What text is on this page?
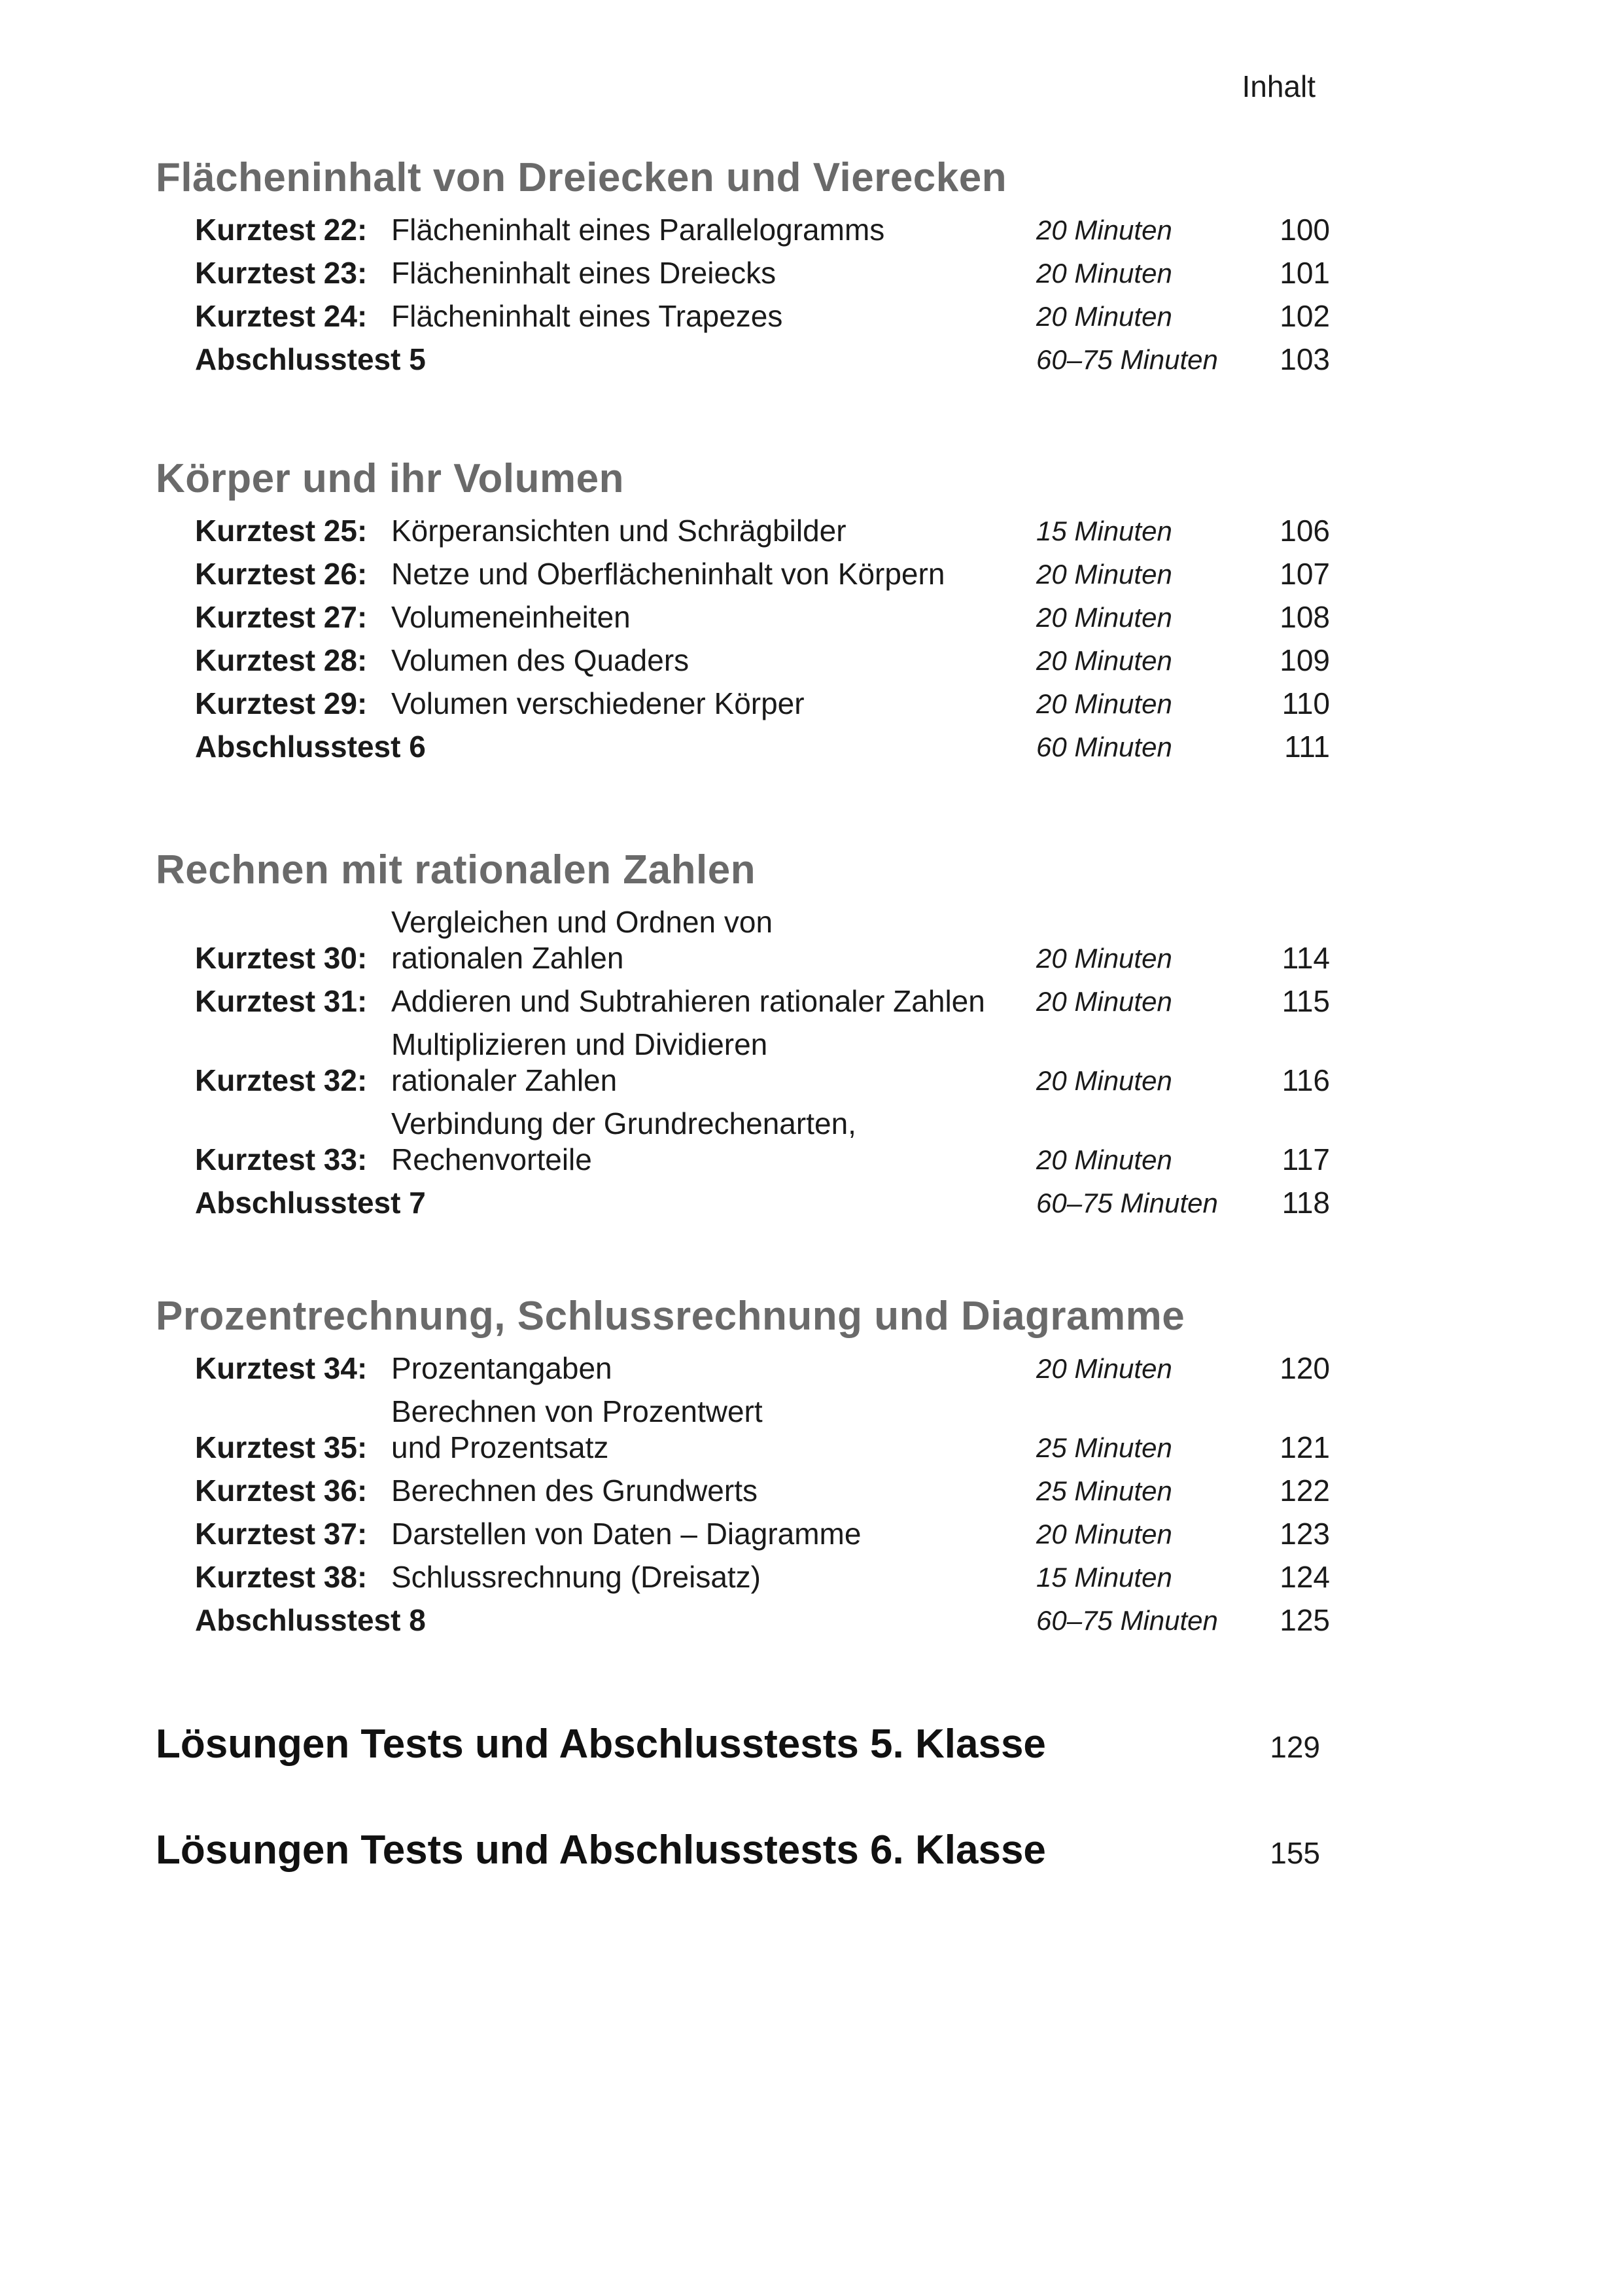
Inhalt
Flächeninhalt von Dreiecken und Vierecken
Kurztest 22: Flächeninhalt eines Parallelogramms	20 Minuten	100
Kurztest 23: Flächeninhalt eines Dreiecks	20 Minuten	101
Kurztest 24: Flächeninhalt eines Trapezes	20 Minuten	102
Abschlusstest 5	60–75 Minuten	103
Körper und ihr Volumen
Kurztest 25: Körperansichten und Schrägbilder	15 Minuten	106
Kurztest 26: Netze und Oberflächeninhalt von Körpern	20 Minuten	107
Kurztest 27: Volumeneinheiten	20 Minuten	108
Kurztest 28: Volumen des Quaders	20 Minuten	109
Kurztest 29: Volumen verschiedener Körper	20 Minuten	110
Abschlusstest 6	60 Minuten	111
Rechnen mit rationalen Zahlen
Kurztest 30:
Vergleichen und Ordnen von
rationalen Zahlen	20 Minuten	114
Kurztest 31: Addieren und Subtrahieren rationaler Zahlen	20 Minuten	115
Kurztest 32:
Multiplizieren und Dividieren
rationaler Zahlen	20 Minuten	116
Kurztest 33:
Verbindung der Grundrechenarten,
Rechenvorteile	20 Minuten	117
Abschlusstest 7	60–75 Minuten	118
Prozentrechnung, Schlussrechnung und Diagramme
Kurztest 34: Prozentangaben	20 Minuten	120
Kurztest 35:
Berechnen von Prozentwert
und Prozentsatz	25 Minuten	121
Kurztest 36: Berechnen des Grundwerts	25 Minuten	122
Kurztest 37: Darstellen von Daten – Diagramme	20 Minuten	123
Kurztest 38: Schlussrechnung (Dreisatz)	15 Minuten	124
Abschlusstest 8	60–75 Minuten	125
Lösungen Tests und Abschlusstests 5. Klasse	129
Lösungen Tests und Abschlusstests 6. Klasse	155
